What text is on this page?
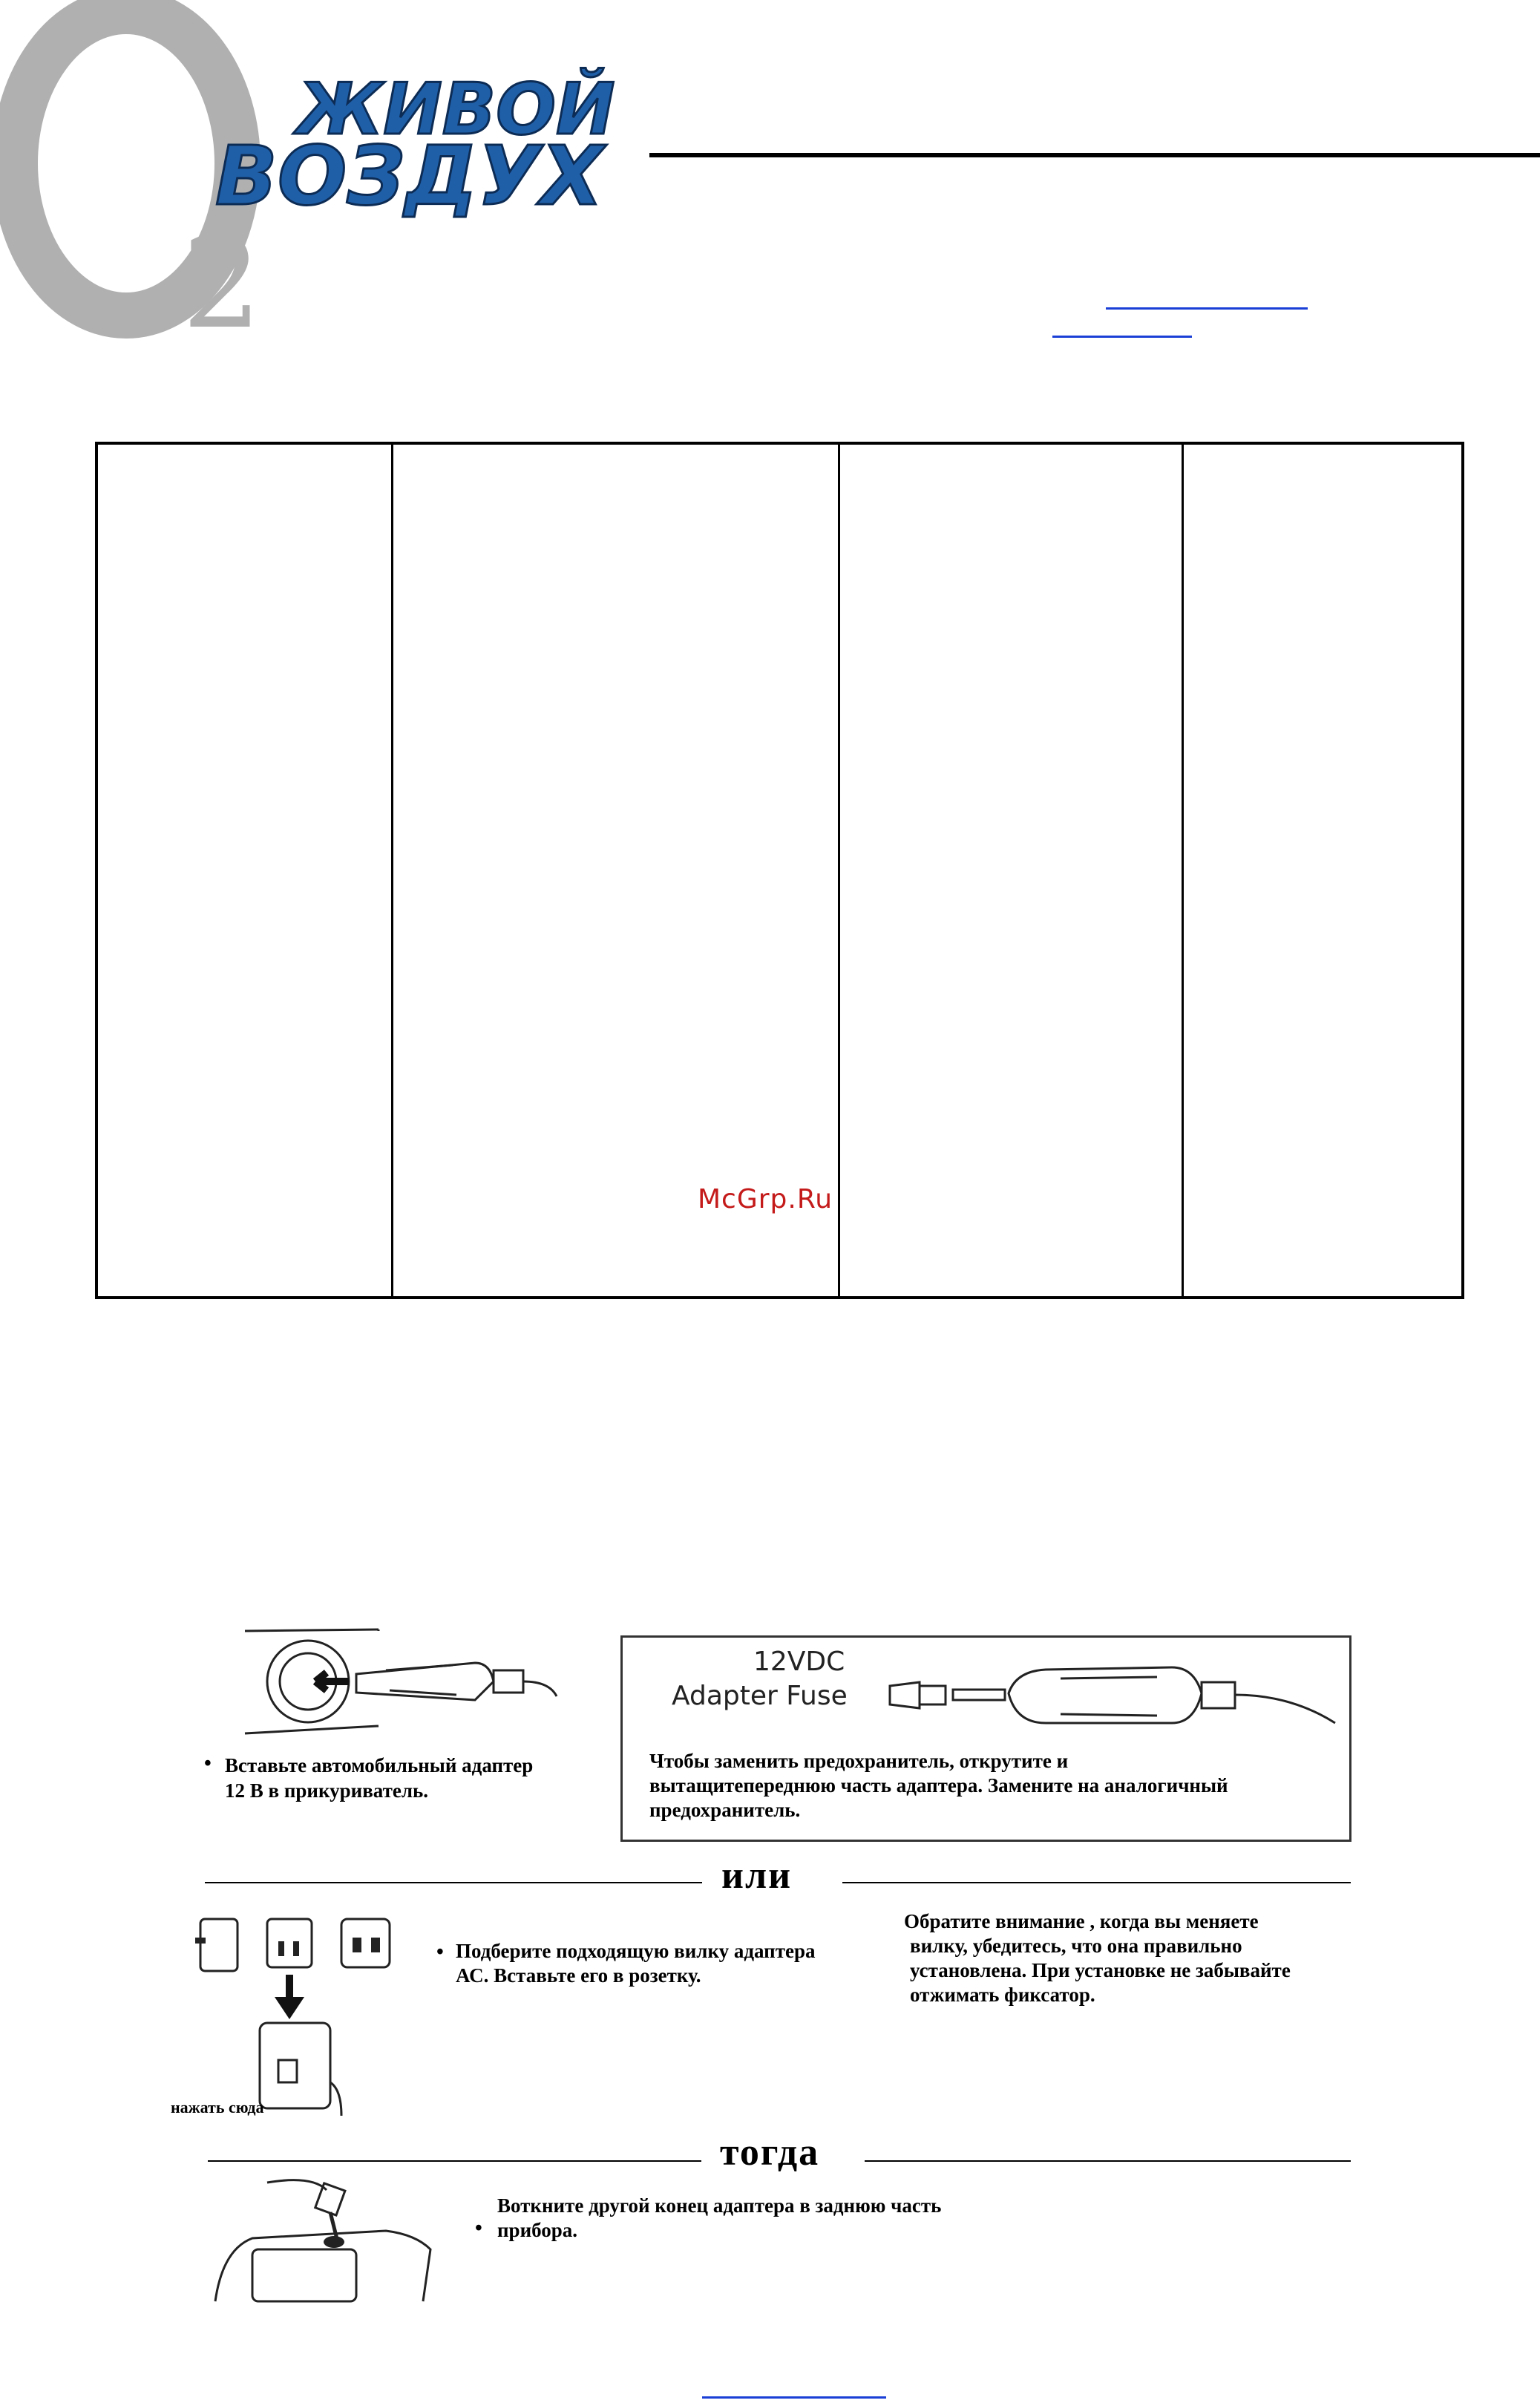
2
ЖИВОЙ
ВОЗДУХ
McGrp.Ru
• Вставьте автомобильный адаптер
12 В в прикуриватель.
12VDC
Adapter Fuse
Чтобы заменить предохранитель, открутите и
вытащитепереднюю часть адаптера. Замените на аналогичный
предохранитель.
или
нажать сюда
• Подберите подходящую вилку адаптера
АС. Вставьте его в розетку.
Обратите внимание , когда вы меняете
вилку, убедитесь, что она правильно
установлена. При установке не забывайте
отжимать фиксатор.
тогда
Воткните другой конец адаптера в заднюю часть
• прибора.
